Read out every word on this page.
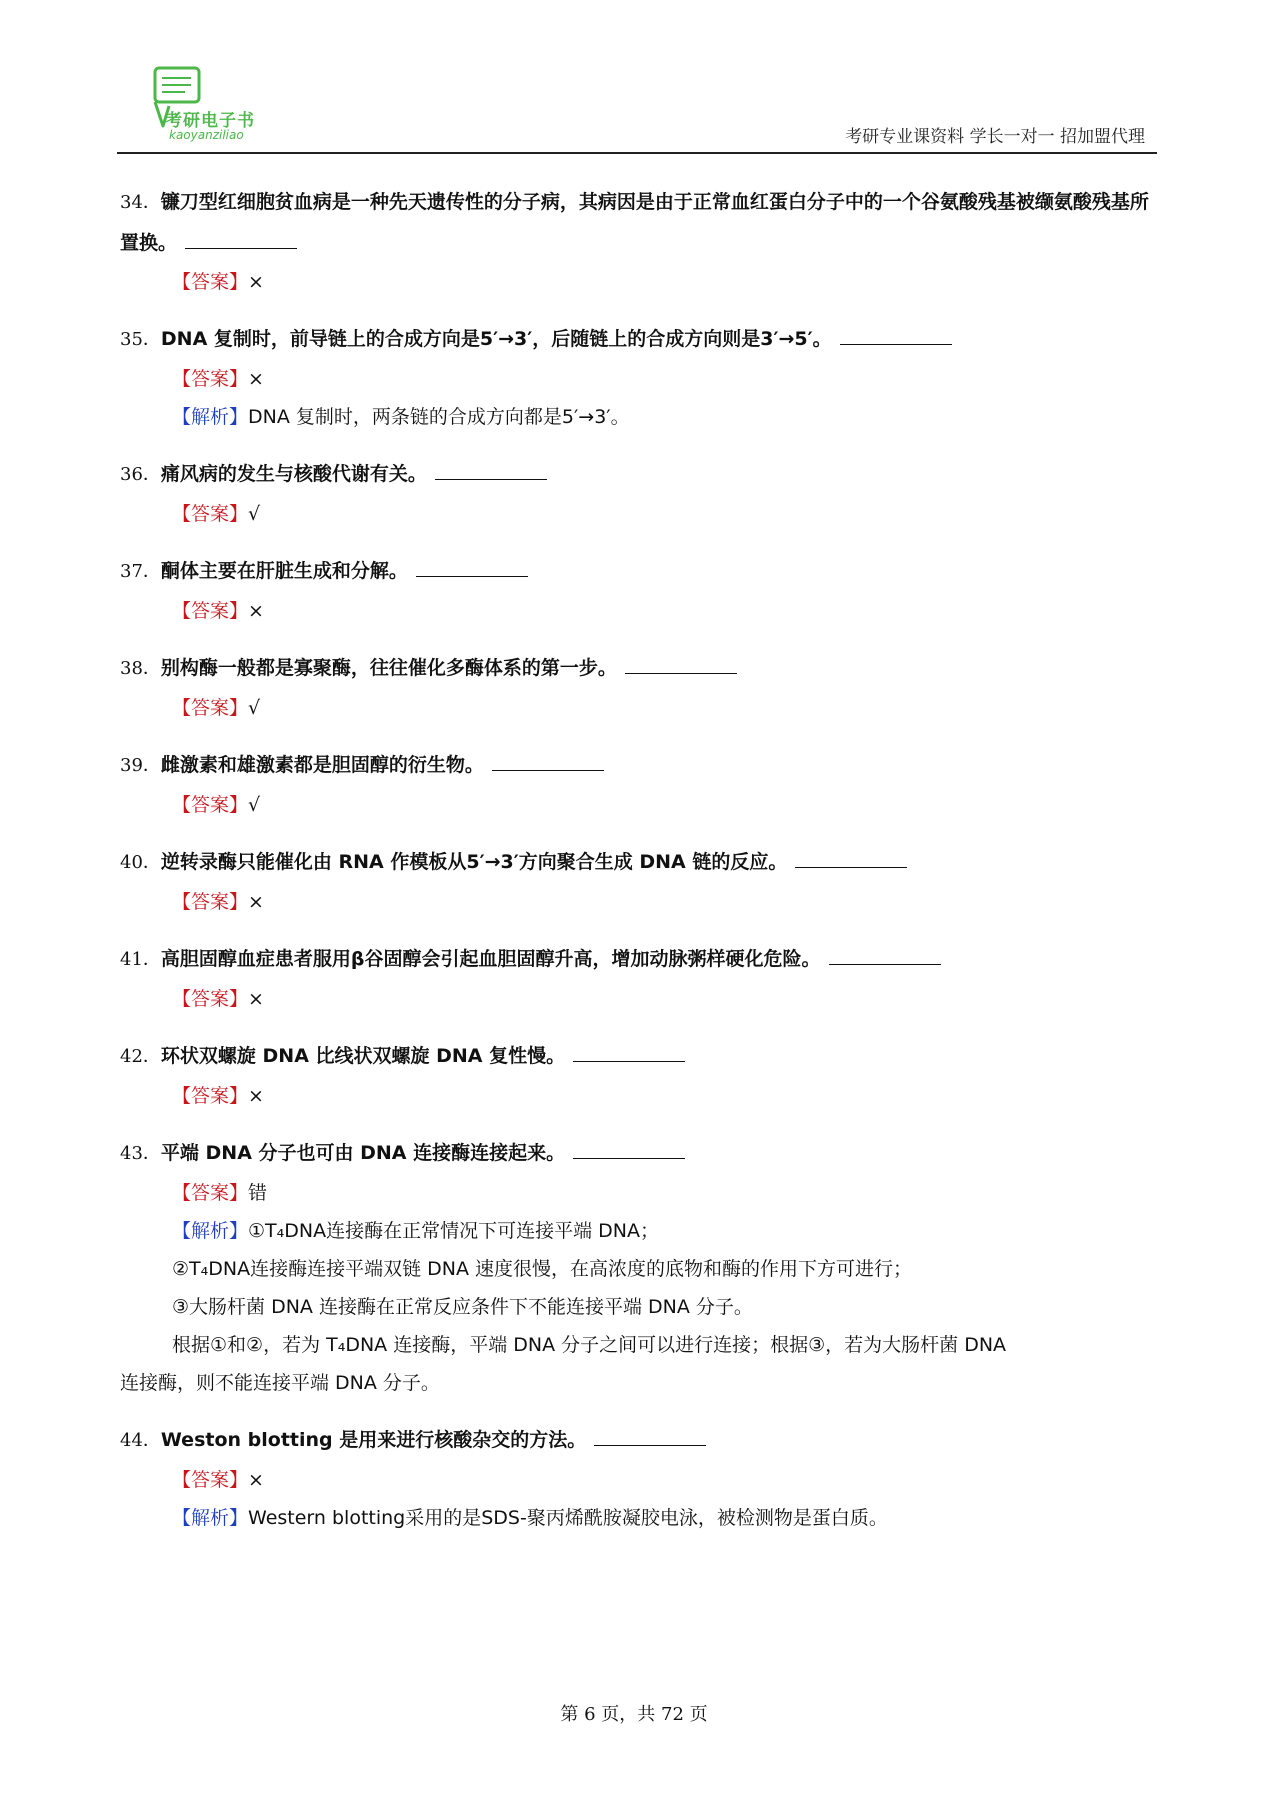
考研电子书
kaoyanziliao	考研专业课资料 学长一对一 招加盟代理
34．镰刀型红细胞贫血病是一种先天遗传性的分子病，其病因是由于正常血红蛋白分子中的一个谷氨酸残基被缬氨酸残基所置换。
【答案】×
35．DNA 复制时，前导链上的合成方向是5′→3′，后随链上的合成方向则是3′→5′。
【答案】×
【解析】DNA 复制时，两条链的合成方向都是5′→3′。
36．痛风病的发生与核酸代谢有关。
【答案】√
37．酮体主要在肝脏生成和分解。
【答案】×
38．别构酶一般都是寡聚酶，往往催化多酶体系的第一步。
【答案】√
39．雌激素和雄激素都是胆固醇的衍生物。
【答案】√
40．逆转录酶只能催化由 RNA 作模板从5′→3′方向聚合生成 DNA 链的反应。
【答案】×
41．高胆固醇血症患者服用β谷固醇会引起血胆固醇升高，增加动脉粥样硬化危险。
【答案】×
42．环状双螺旋 DNA 比线状双螺旋 DNA 复性慢。
【答案】×
43．平端 DNA 分子也可由 DNA 连接酶连接起来。
【答案】错
【解析】①T₄DNA连接酶在正常情况下可连接平端 DNA；
②T₄DNA连接酶连接平端双链 DNA 速度很慢，在高浓度的底物和酶的作用下方可进行；
③大肠杆菌 DNA 连接酶在正常反应条件下不能连接平端 DNA 分子。
根据①和②，若为 T₄DNA 连接酶，平端 DNA 分子之间可以进行连接；根据③，若为大肠杆菌 DNA
连接酶，则不能连接平端 DNA 分子。
44．Weston blotting 是用来进行核酸杂交的方法。
【答案】×
【解析】Western blotting采用的是SDS-聚丙烯酰胺凝胶电泳，被检测物是蛋白质。
第 6 页，共 72 页
